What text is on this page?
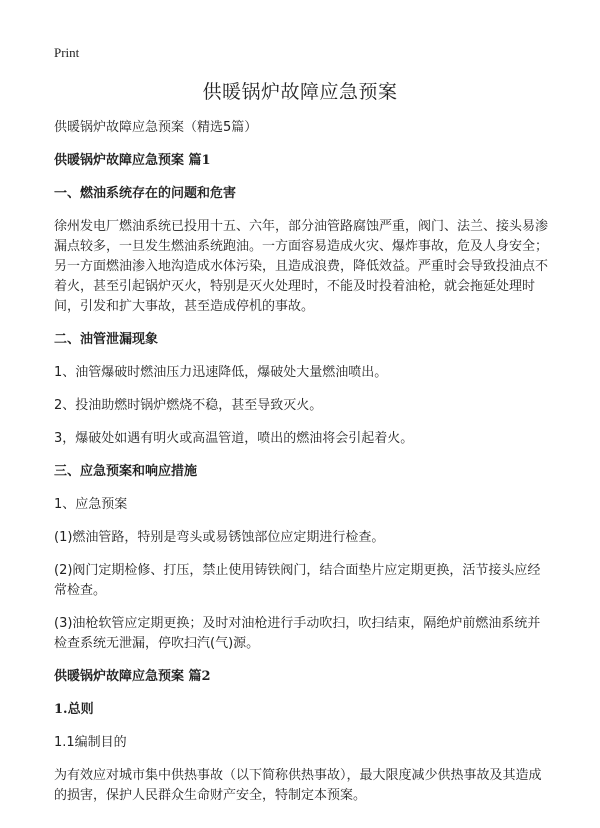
Print
供暖锅炉故障应急预案
供暖锅炉故障应急预案（精选5篇）
供暖锅炉故障应急预案 篇1
一、燃油系统存在的问题和危害
徐州发电厂燃油系统已投用十五、六年，部分油管路腐蚀严重，阀门、法兰、接头易渗漏点较多，一旦发生燃油系统跑油。一方面容易造成火灾、爆炸事故，危及人身安全；另一方面燃油渗入地沟造成水体污染，且造成浪费，降低效益。严重时会导致投油点不着火，甚至引起锅炉灭火，特别是灭火处理时，不能及时投着油枪，就会拖延处理时间，引发和扩大事故，甚至造成停机的事故。
二、油管泄漏现象
1、油管爆破时燃油压力迅速降低，爆破处大量燃油喷出。
2、投油助燃时锅炉燃烧不稳，甚至导致灭火。
3，爆破处如遇有明火或高温管道，喷出的燃油将会引起着火。
三、应急预案和响应措施
1、应急预案
(1)燃油管路，特别是弯头或易锈蚀部位应定期进行检查。
(2)阀门定期检修、打压，禁止使用铸铁阀门，结合面垫片应定期更换，活节接头应经常检查。
(3)油枪软管应定期更换；及时对油枪进行手动吹扫，吹扫结束，隔绝炉前燃油系统并检查系统无泄漏，停吹扫汽(气)源。
供暖锅炉故障应急预案 篇2
1.总则
1.1编制目的
为有效应对城市集中供热事故（以下简称供热事故），最大限度减少供热事故及其造成的损害，保护人民群众生命财产安全，特制定本预案。
